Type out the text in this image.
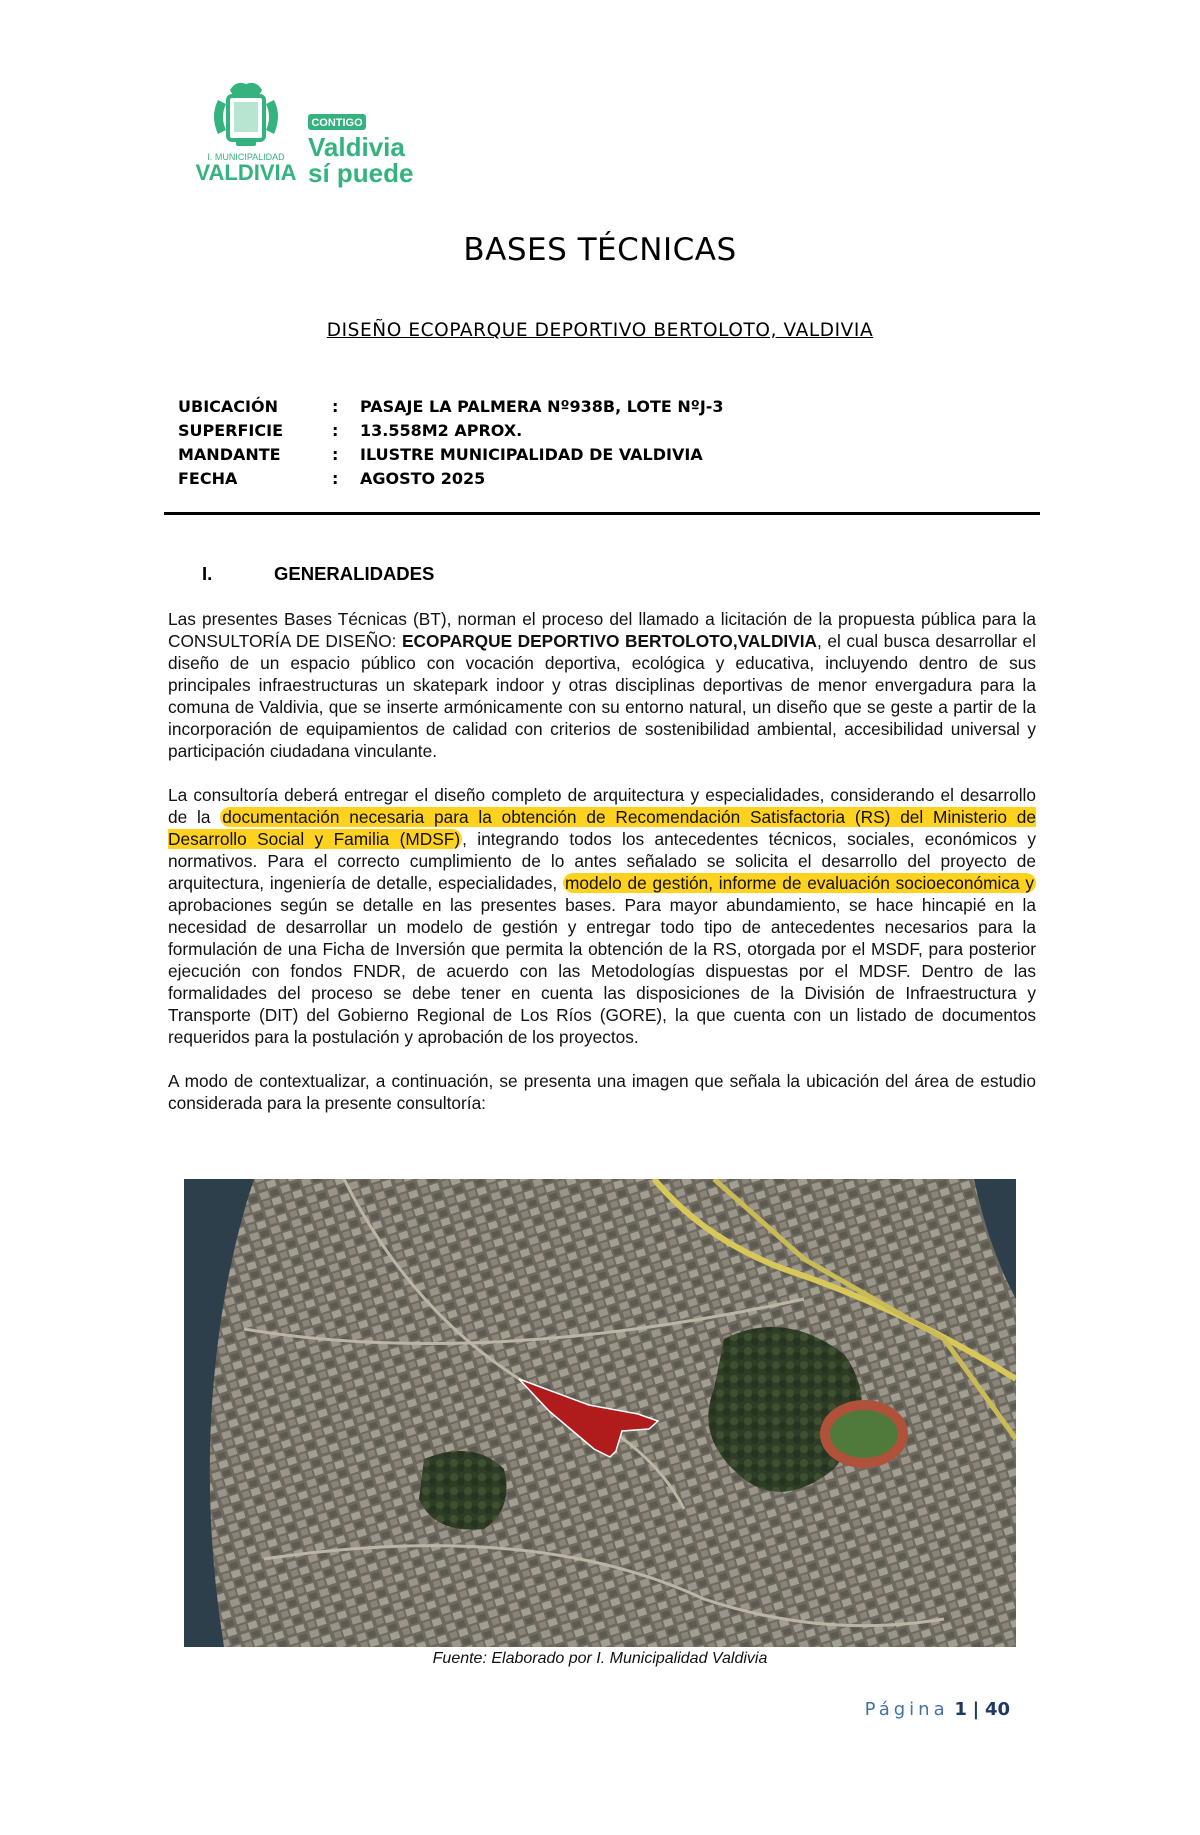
I. MUNICIPALIDAD
VALDIVIA
CONTIGO
Valdivia
sí puede
BASES TÉCNICAS
DISEÑO ECOPARQUE DEPORTIVO BERTOLOTO, VALDIVIA
UBICACIÓN	: PASAJE LA PALMERA Nº938B, LOTE NºJ-3
SUPERFICIE	: 13.558M2 APROX.
MANDANTE	: ILUSTRE MUNICIPALIDAD DE VALDIVIA
FECHA	: AGOSTO 2025
I.	GENERALIDADES

Las presentes Bases Técnicas (BT), norman el proceso del llamado a licitación de la propuesta pública para la CONSULTORÍA DE DISEÑO: ECOPARQUE DEPORTIVO BERTOLOTO,VALDIVIA, el cual busca desarrollar el diseño de un espacio público con vocación deportiva, ecológica y educativa, incluyendo dentro de sus principales infraestructuras un skatepark indoor y otras disciplinas deportivas de menor envergadura para la comuna de Valdivia, que se inserte armónicamente con su entorno natural, un diseño que se geste a partir de la incorporación de equipamientos de calidad con criterios de sostenibilidad ambiental, accesibilidad universal y participación ciudadana vinculante.

La consultoría deberá entregar el diseño completo de arquitectura y especialidades, considerando el desarrollo de la documentación necesaria para la obtención de Recomendación Satisfactoria (RS) del Ministerio de Desarrollo Social y Familia (MDSF) , integrando todos los antecedentes técnicos, sociales, económicos y normativos. Para el correcto cumplimiento de lo antes señalado se solicita el desarrollo del proyecto de arquitectura, ingeniería de detalle, especialidades, modelo de gestión, informe de evaluación socioeconómica y aprobaciones según se detalle en las presentes bases. Para mayor abundamiento, se hace hincapié en la necesidad de desarrollar un modelo de gestión y entregar todo tipo de antecedentes necesarios para la formulación de una Ficha de Inversión que permita la obtención de la RS, otorgada por el MSDF, para posterior ejecución con fondos FNDR, de acuerdo con las Metodologías dispuestas por el MDSF. Dentro de las formalidades del proceso se debe tener en cuenta las disposiciones de la División de Infraestructura y Transporte (DIT) del Gobierno Regional de Los Ríos (GORE), la que cuenta con un listado de documentos requeridos para la postulación y aprobación de los proyectos.

A modo de contextualizar, a continuación, se presenta una imagen que señala la ubicación del área de estudio considerada para la presente consultoría:

Fuente: Elaborado por I. Municipalidad Valdivia
Página 1 | 40
